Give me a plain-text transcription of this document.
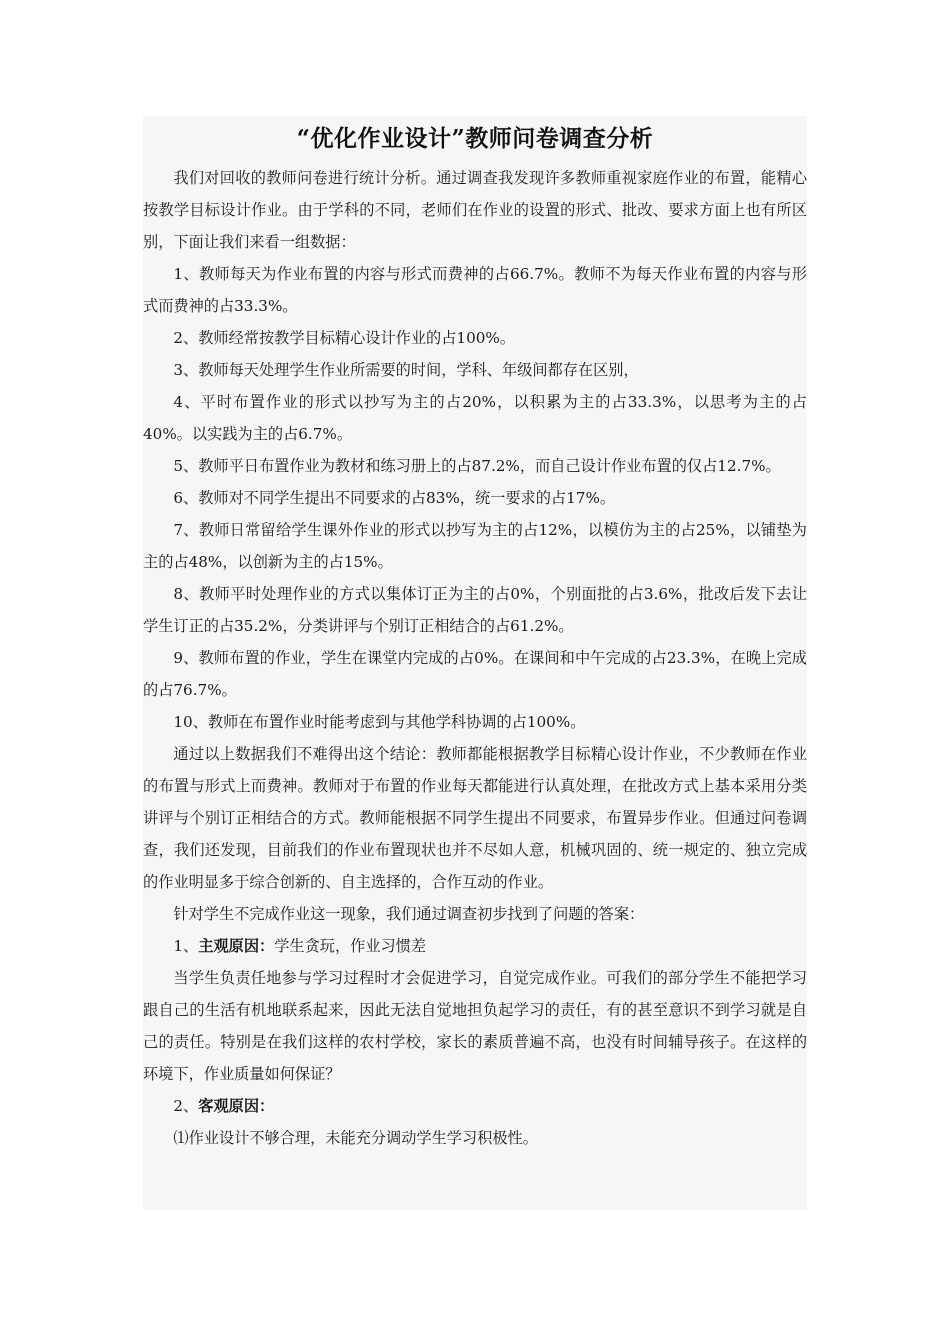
“优化作业设计”教师问卷调查分析

我们对回收的教师问卷进行统计分析。通过调查我发现许多教师重视家庭作业的布置，能精心按教学目标设计作业。由于学科的不同，老师们在作业的设置的形式、批改、要求方面上也有所区别，下面让我们来看一组数据：

1、教师每天为作业布置的内容与形式而费神的占66.7%。教师不为每天作业布置的内容与形式而费神的占33.3%。

2、教师经常按教学目标精心设计作业的占100%。

3、教师每天处理学生作业所需要的时间，学科、年级间都存在区别，

4、平时布置作业的形式以抄写为主的占20%，以积累为主的占33.3%，以思考为主的占40%。以实践为主的占6.7%。

5、教师平日布置作业为教材和练习册上的占87.2%，而自己设计作业布置的仅占12.7%。

6、教师对不同学生提出不同要求的占83%，统一要求的占17%。

7、教师日常留给学生课外作业的形式以抄写为主的占12%，以模仿为主的占25%，以铺垫为主的占48%，以创新为主的占15%。

8、教师平时处理作业的方式以集体订正为主的占0%，个别面批的占3.6%，批改后发下去让学生订正的占35.2%，分类讲评与个别订正相结合的占61.2%。

9、教师布置的作业，学生在课堂内完成的占0%。在课间和中午完成的占23.3%，在晚上完成的占76.7%。

10、教师在布置作业时能考虑到与其他学科协调的占100%。

通过以上数据我们不难得出这个结论：教师都能根据教学目标精心设计作业，不少教师在作业的布置与形式上而费神。教师对于布置的作业每天都能进行认真处理，在批改方式上基本采用分类讲评与个别订正相结合的方式。教师能根据不同学生提出不同要求，布置异步作业。但通过问卷调查，我们还发现，目前我们的作业布置现状也并不尽如人意，机械巩固的、统一规定的、独立完成的作业明显多于综合创新的、自主选择的，合作互动的作业。

针对学生不完成作业这一现象，我们通过调查初步找到了问题的答案：

1、主观原因：学生贪玩，作业习惯差

当学生负责任地参与学习过程时才会促进学习，自觉完成作业。可我们的部分学生不能把学习跟自己的生活有机地联系起来，因此无法自觉地担负起学习的责任，有的甚至意识不到学习就是自己的责任。特别是在我们这样的农村学校，家长的素质普遍不高，也没有时间辅导孩子。在这样的环境下，作业质量如何保证？

2、客观原因：

⑴作业设计不够合理，未能充分调动学生学习积极性。
